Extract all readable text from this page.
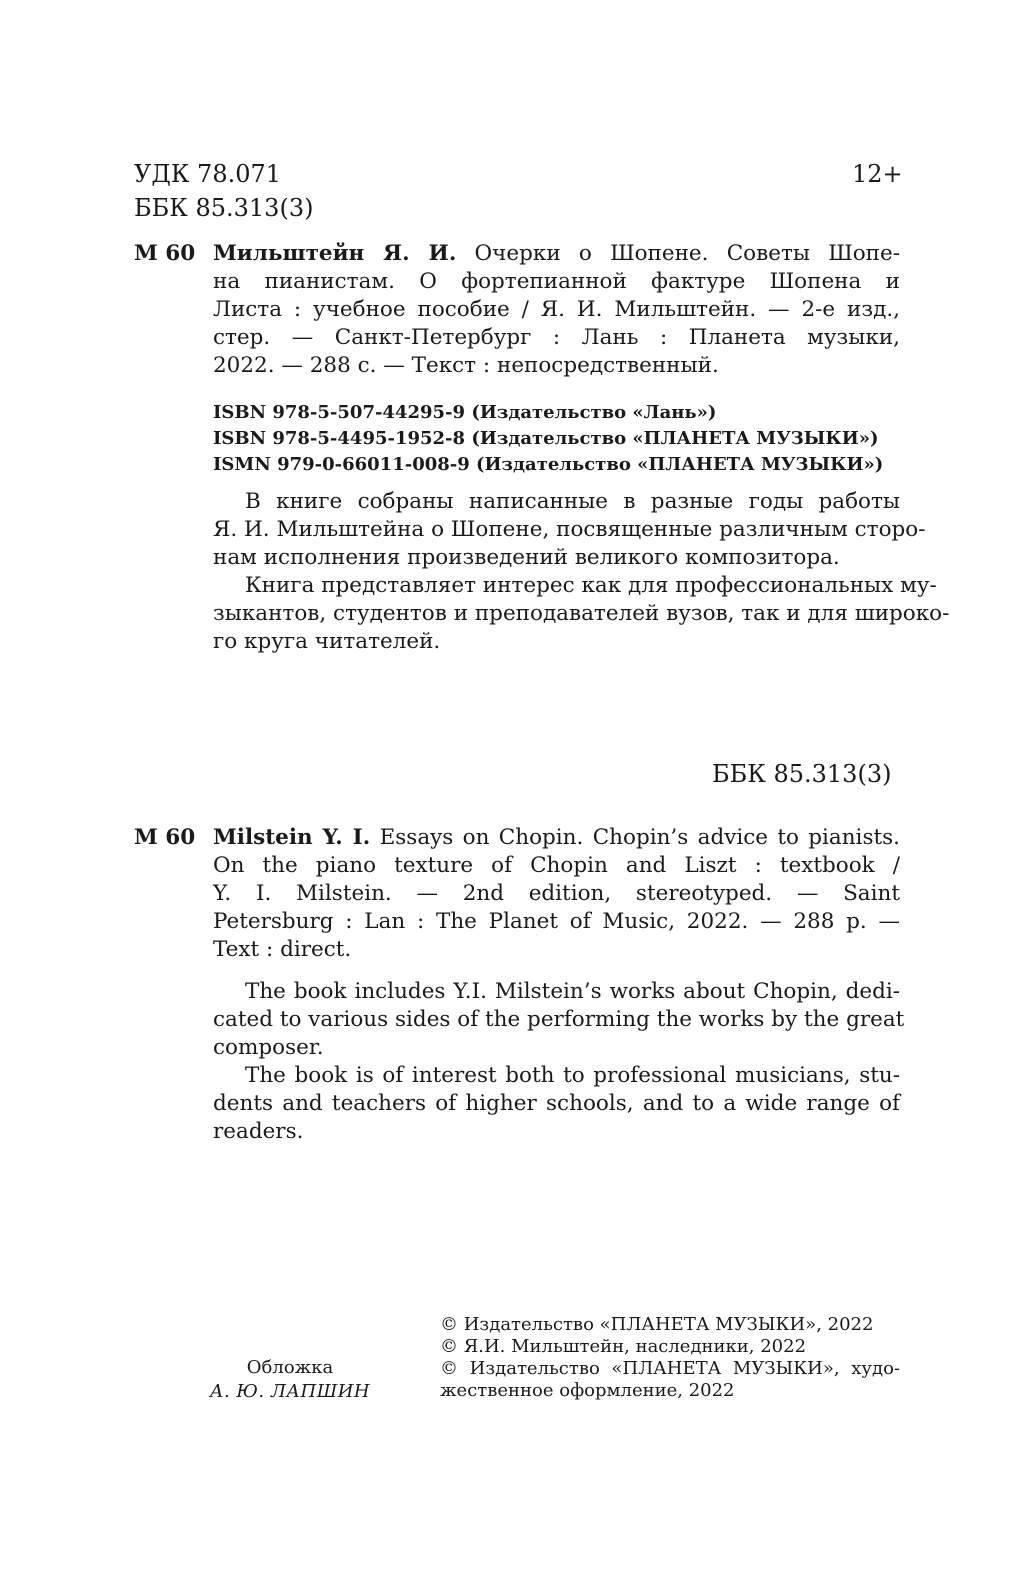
УДК 78.071	12+
ББК 85.313(3)
М 60 Мильштейн Я. И. Очерки о Шопене. Советы Шопе-
на пианистам. О фортепианной фактуре Шопена и
Листа : учебное пособие / Я. И. Мильштейн. — 2-е изд.,
стер. — Санкт-Петербург : Лань : Планета музыки,
2022. — 288 с. — Текст : непосредственный.
ISBN 978-5-507-44295-9 (Издательство «Лань»)
ISBN 978-5-4495-1952-8 (Издательство «ПЛАНЕТА МУЗЫКИ»)
ISMN 979-0-66011-008-9 (Издательство «ПЛАНЕТА МУЗЫКИ»)
В книге собраны написанные в разные годы работы
Я. И. Мильштейна о Шопене, посвященные различным сторо-
нам исполнения произведений великого композитора.
Книга представляет интерес как для профессиональных му-
зыкантов, студентов и преподавателей вузов, так и для широко-
го круга читателей.
ББК 85.313(3)
M 60 Milstein Y. I. Essays on Chopin. Chopin’s advice to pianists.
On the piano texture of Chopin and Liszt : textbook /
Y. I. Milstein. — 2nd edition, stereotyped. — Saint
Petersburg : Lan : The Planet of Music, 2022. — 288 p. —
Text : direct.
The book includes Y.I. Milstein’s works about Chopin, dedi-
cated to various sides of the performing the works by the great
composer.
The book is of interest both to professional musicians, stu-
dents and teachers of higher schools, and to a wide range of
readers.
Обложка
А. Ю. ЛАПШИН
© Издательство «ПЛАНЕТА МУЗЫКИ», 2022
© Я.И. Мильштейн, наследники, 2022
© Издательство «ПЛАНЕТА МУЗЫКИ», худо-
жественное оформление, 2022
